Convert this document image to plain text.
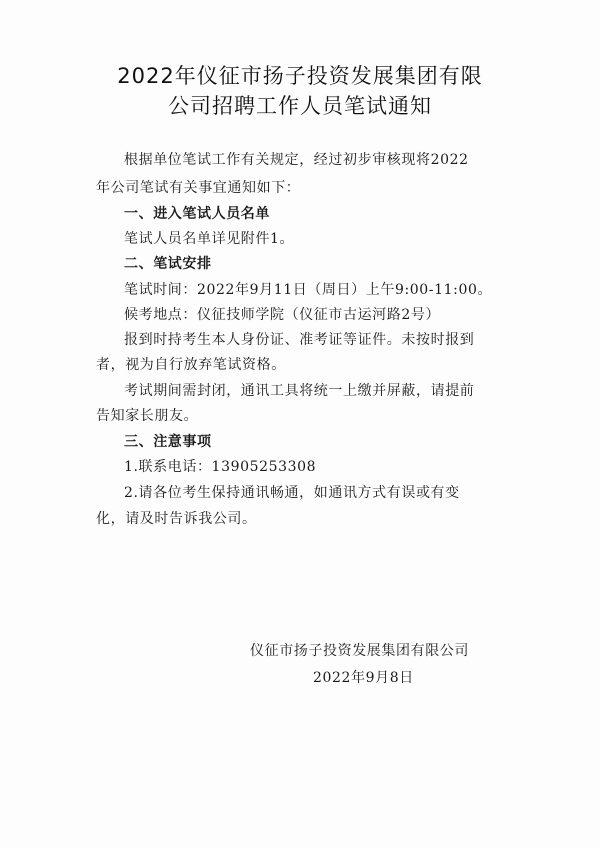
2022年仪征市扬子投资发展集团有限
公司招聘工作人员笔试通知
根据单位笔试工作有关规定，经过初步审核现将2022
年公司笔试有关事宜通知如下：
一、进入笔试人员名单
笔试人员名单详见附件1。
二、笔试安排
笔试时间：2022年9月11日（周日）上午9:00-11:00。
候考地点：仪征技师学院（仪征市古运河路2号）
报到时持考生本人身份证、准考证等证件。未按时报到
者，视为自行放弃笔试资格。
考试期间需封闭，通讯工具将统一上缴并屏蔽，请提前
告知家长朋友。
三、注意事项
1.联系电话：13905253308
2.请各位考生保持通讯畅通，如通讯方式有误或有变
化，请及时告诉我公司。
仪征市扬子投资发展集团有限公司
2022年9月8日
